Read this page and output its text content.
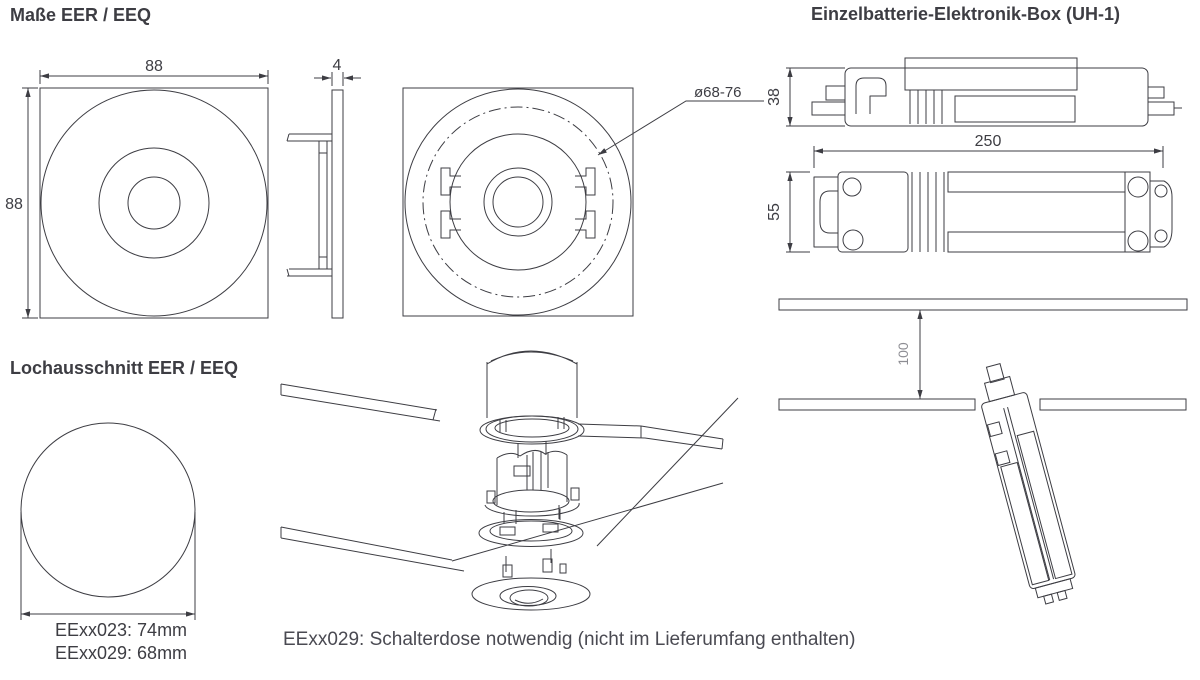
Maße EER / EEQ	Einzelbatterie-Elektronik-Box (UH-1)
Lochausschnitt EER / EEQ
88
88
4
ø68-76 38
250
55
100
EExx023: 74mm
EExx029: 68mm
EExx029: Schalterdose notwendig (nicht im Lieferumfang enthalten)
